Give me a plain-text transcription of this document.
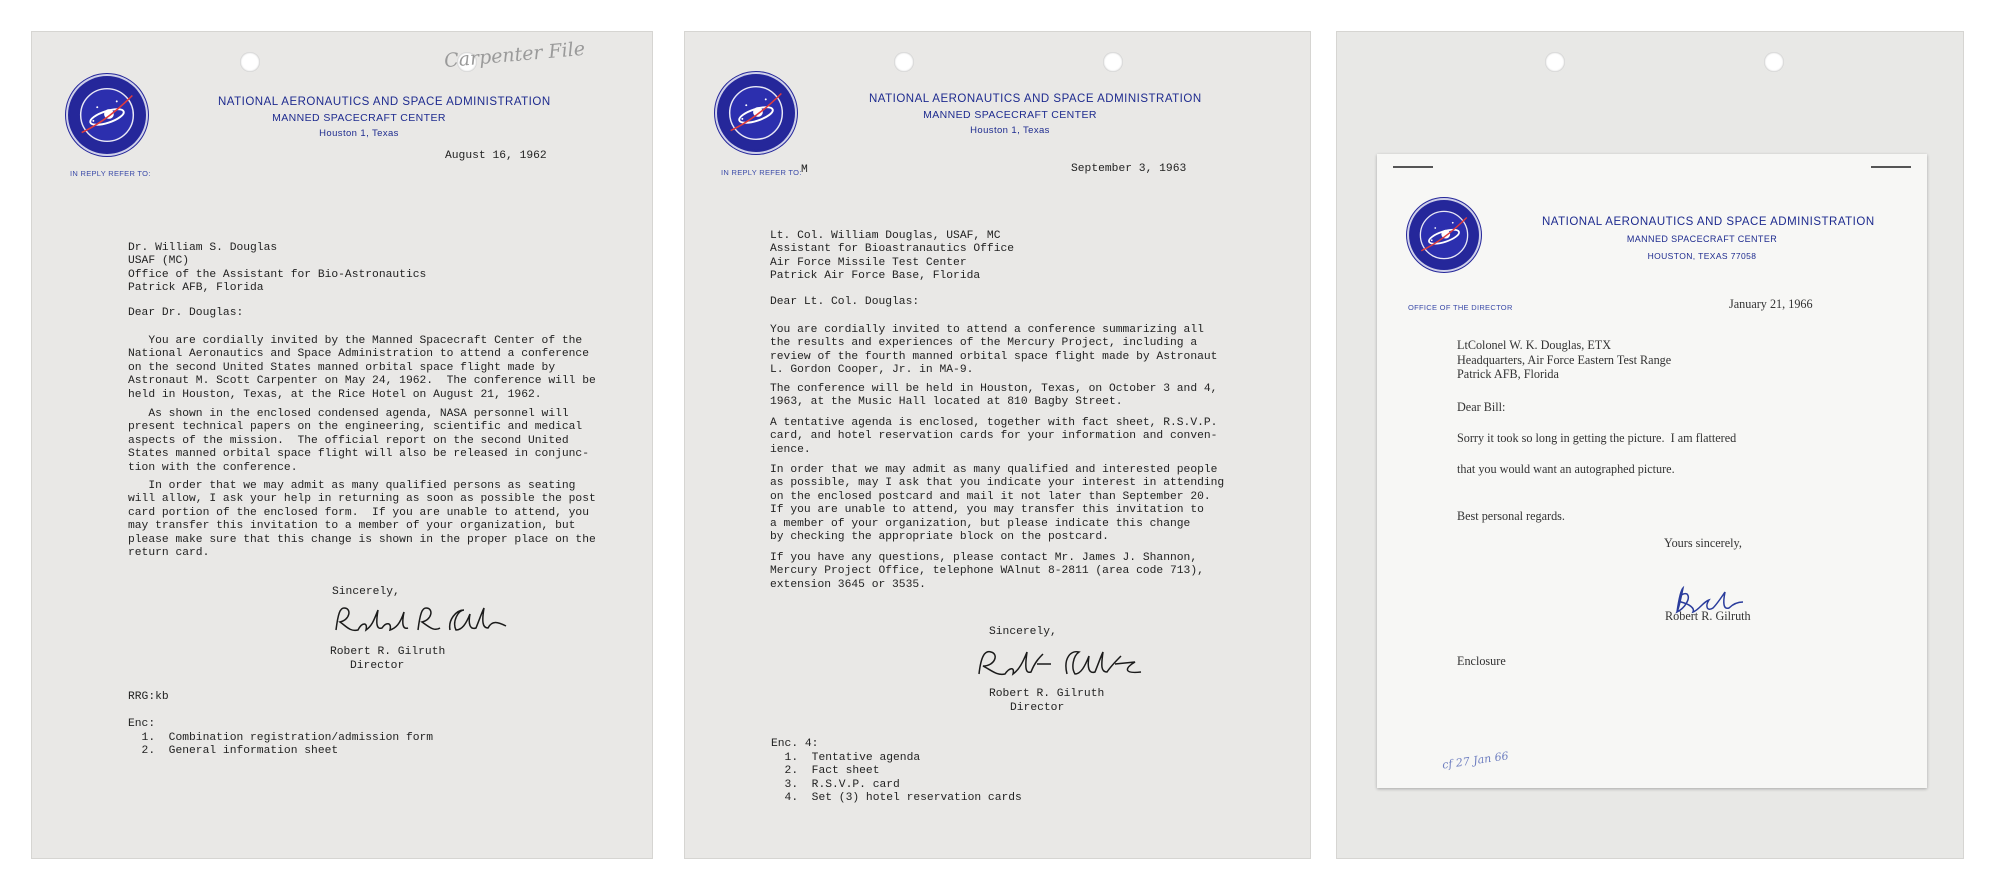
Carpenter File
NATIONAL AERONAUTICS AND SPACE ADMINISTRATION
MANNED SPACECRAFT CENTER
Houston 1, Texas
IN REPLY REFER TO:
August 16, 1962
Dr. William S. Douglas
USAF (MC)
Office of the Assistant for Bio-Astronautics
Patrick AFB, Florida
Dear Dr. Douglas:
You are cordially invited by the Manned Spacecraft Center of the
National Aeronautics and Space Administration to attend a conference
on the second United States manned orbital space flight made by
Astronaut M. Scott Carpenter on May 24, 1962.  The conference will be
held in Houston, Texas, at the Rice Hotel on August 21, 1962.
As shown in the enclosed condensed agenda, NASA personnel will
present technical papers on the engineering, scientific and medical
aspects of the mission.  The official report on the second United
States manned orbital space flight will also be released in conjunc-
tion with the conference.
In order that we may admit as many qualified persons as seating
will allow, I ask your help in returning as soon as possible the post
card portion of the enclosed form.  If you are unable to attend, you
may transfer this invitation to a member of your organization, but
please make sure that this change is shown in the proper place on the
return card.
Sincerely,
Robert R. Gilruth
Director
RRG:kb
Enc:
1.  Combination registration/admission form
2.  General information sheet
NATIONAL AERONAUTICS AND SPACE ADMINISTRATION
MANNED SPACECRAFT CENTER
Houston 1, Texas
IN REPLY REFER TO: M	September 3, 1963
Lt. Col. William Douglas, USAF, MC
Assistant for Bioastranautics Office
Air Force Missile Test Center
Patrick Air Force Base, Florida
Dear Lt. Col. Douglas:
You are cordially invited to attend a conference summarizing all
the results and experiences of the Mercury Project, including a
review of the fourth manned orbital space flight made by Astronaut
L. Gordon Cooper, Jr. in MA-9.
The conference will be held in Houston, Texas, on October 3 and 4,
1963, at the Music Hall located at 810 Bagby Street.
A tentative agenda is enclosed, together with fact sheet, R.S.V.P.
card, and hotel reservation cards for your information and conven-
ience.
In order that we may admit as many qualified and interested people
as possible, may I ask that you indicate your interest in attending
on the enclosed postcard and mail it not later than September 20.
If you are unable to attend, you may transfer this invitation to
a member of your organization, but please indicate this change
by checking the appropriate block on the postcard.
If you have any questions, please contact Mr. James J. Shannon,
Mercury Project Office, telephone WAlnut 8-2811 (area code 713),
extension 3645 or 3535.
Sincerely,
Robert R. Gilruth
Director
Enc. 4:
1.  Tentative agenda
2.  Fact sheet
3.  R.S.V.P. card
4.  Set (3) hotel reservation cards
NATIONAL AERONAUTICS AND SPACE ADMINISTRATION
MANNED SPACECRAFT CENTER
HOUSTON, TEXAS 77058
OFFICE OF THE DIRECTOR	January 21, 1966
LtColonel W. K. Douglas, ETX
Headquarters, Air Force Eastern Test Range
Patrick AFB, Florida
Dear Bill:
Sorry it took so long in getting the picture.  I am flattered
that you would want an autographed picture.
Best personal regards.
Yours sincerely,
Robert R. Gilruth
Enclosure
cf 27 Jan 66
